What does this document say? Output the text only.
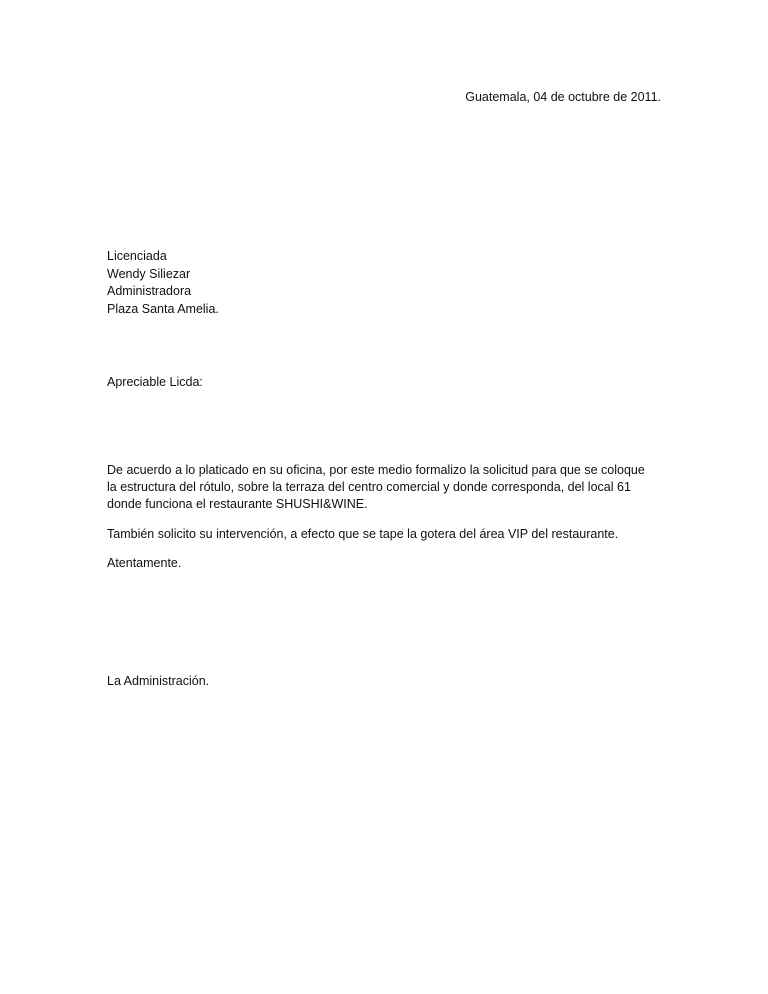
Guatemala, 04 de octubre de 2011.
Licenciada
Wendy Siliezar
Administradora
Plaza Santa Amelia.
Apreciable Licda:
De acuerdo a lo platicado en su oficina, por este medio formalizo la solicitud para que se coloque
la estructura del rótulo, sobre la terraza del centro comercial y donde corresponda, del local 61
donde funciona el restaurante SHUSHI&WINE.
También solicito su intervención, a efecto que se tape la gotera del área VIP del restaurante.
Atentamente.
La Administración.
